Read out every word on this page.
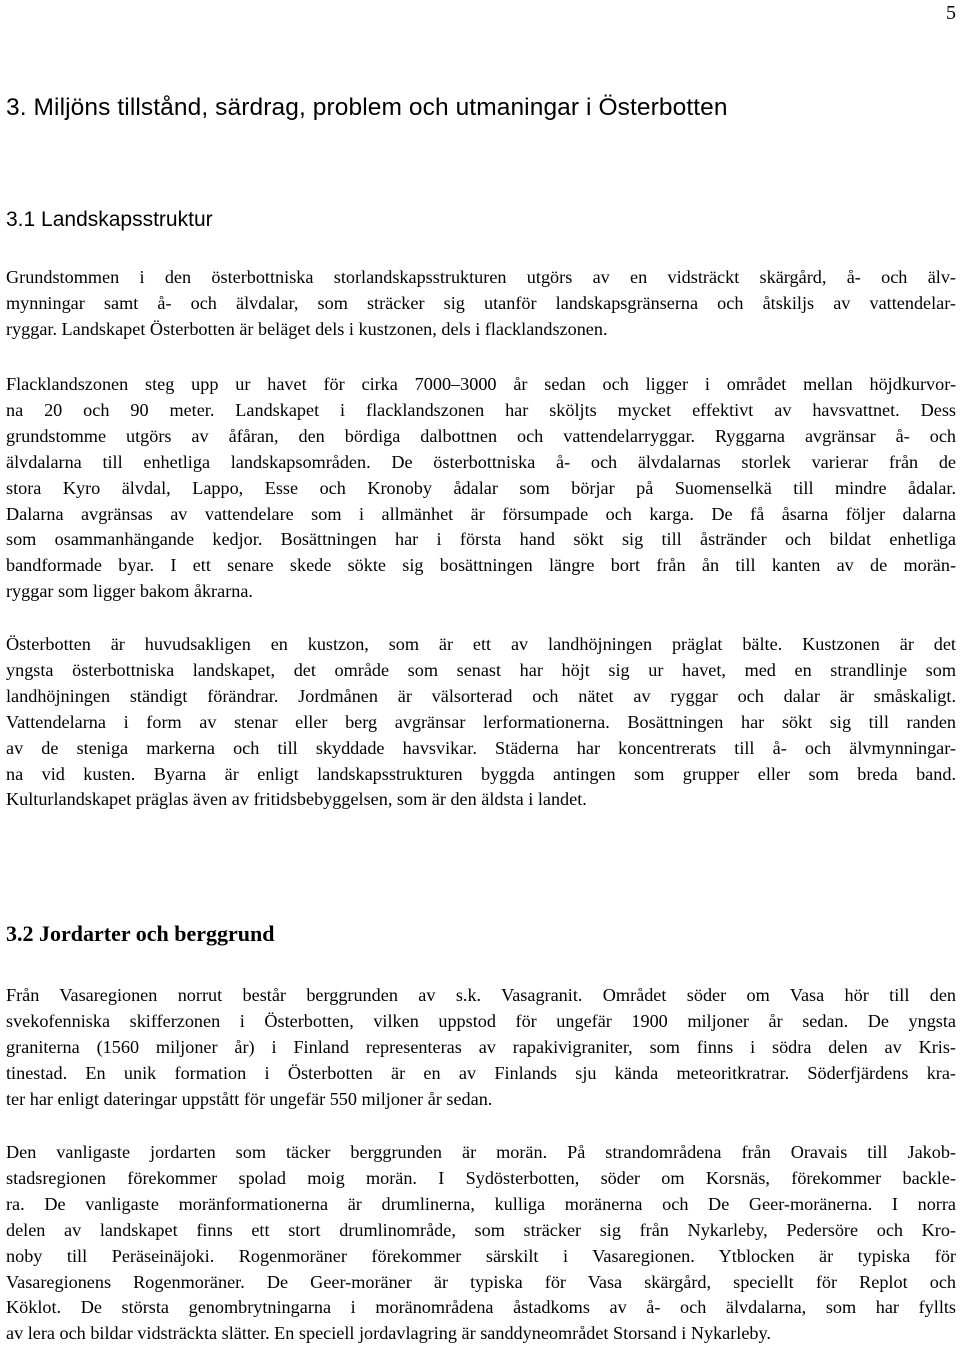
5
3. Miljöns tillstånd, särdrag, problem och utmaningar i Österbotten
3.1 Landskapsstruktur
Grundstommen i den österbottniska storlandskapsstrukturen utgörs av en vidsträckt skärgård, å- och älv-
mynningar samt å- och älvdalar, som sträcker sig utanför landskapsgränserna och åtskiljs av vattendelar-
ryggar. Landskapet Österbotten är beläget dels i kustzonen, dels i flacklandszonen.
Flacklandszonen steg upp ur havet för cirka 7000–3000 år sedan och ligger i området mellan höjdkurvor-
na 20 och 90 meter. Landskapet i flacklandszonen har sköljts mycket effektivt av havsvattnet. Dess
grundstomme utgörs av åfåran, den bördiga dalbottnen och vattendelarryggar. Ryggarna avgränsar å- och
älvdalarna till enhetliga landskapsområden. De österbottniska å- och älvdalarnas storlek varierar från de
stora Kyro älvdal, Lappo, Esse och Kronoby ådalar som börjar på Suomenselkä till mindre ådalar.
Dalarna avgränsas av vattendelare som i allmänhet är försumpade och karga. De få åsarna följer dalarna
som osammanhängande kedjor. Bosättningen har i första hand sökt sig till åstränder och bildat enhetliga
bandformade byar. I ett senare skede sökte sig bosättningen längre bort från ån till kanten av de morän-
ryggar som ligger bakom åkrarna.
Österbotten är huvudsakligen en kustzon, som är ett av landhöjningen präglat bälte. Kustzonen är det
yngsta österbottniska landskapet, det område som senast har höjt sig ur havet, med en strandlinje som
landhöjningen ständigt förändrar. Jordmånen är välsorterad och nätet av ryggar och dalar är småskaligt.
Vattendelarna i form av stenar eller berg avgränsar lerformationerna. Bosättningen har sökt sig till randen
av de steniga markerna och till skyddade havsvikar. Städerna har koncentrerats till å- och älvmynningar-
na vid kusten. Byarna är enligt landskapsstrukturen byggda antingen som grupper eller som breda band.
Kulturlandskapet präglas även av fritidsbebyggelsen, som är den äldsta i landet.
3.2 Jordarter och berggrund
Från Vasaregionen norrut består berggrunden av s.k. Vasagranit. Området söder om Vasa hör till den
svekofenniska skifferzonen i Österbotten, vilken uppstod för ungefär 1900 miljoner år sedan. De yngsta
graniterna (1560 miljoner år) i Finland representeras av rapakivigraniter, som finns i södra delen av Kris-
tinestad. En unik formation i Österbotten är en av Finlands sju kända meteoritkratrar. Söderfjärdens kra-
ter har enligt dateringar uppstått för ungefär 550 miljoner år sedan.
Den vanligaste jordarten som täcker berggrunden är morän. På strandområdena från Oravais till Jakob-
stadsregionen förekommer spolad moig morän. I Sydösterbotten, söder om Korsnäs, förekommer backle-
ra. De vanligaste moränformationerna är drumlinerna, kulliga moränerna och De Geer-moränerna. I norra
delen av landskapet finns ett stort drumlinområde, som sträcker sig från Nykarleby, Pedersöre och Kro-
noby till Peräseinäjoki. Rogenmoräner förekommer särskilt i Vasaregionen. Ytblocken är typiska för
Vasaregionens Rogenmoräner. De Geer-moräner är typiska för Vasa skärgård, speciellt för Replot och
Köklot. De största genombrytningarna i moränområdena åstadkoms av å- och älvdalarna, som har fyllts
av lera och bildar vidsträckta slätter. En speciell jordavlagring är sanddyneområdet Storsand i Nykarleby.
